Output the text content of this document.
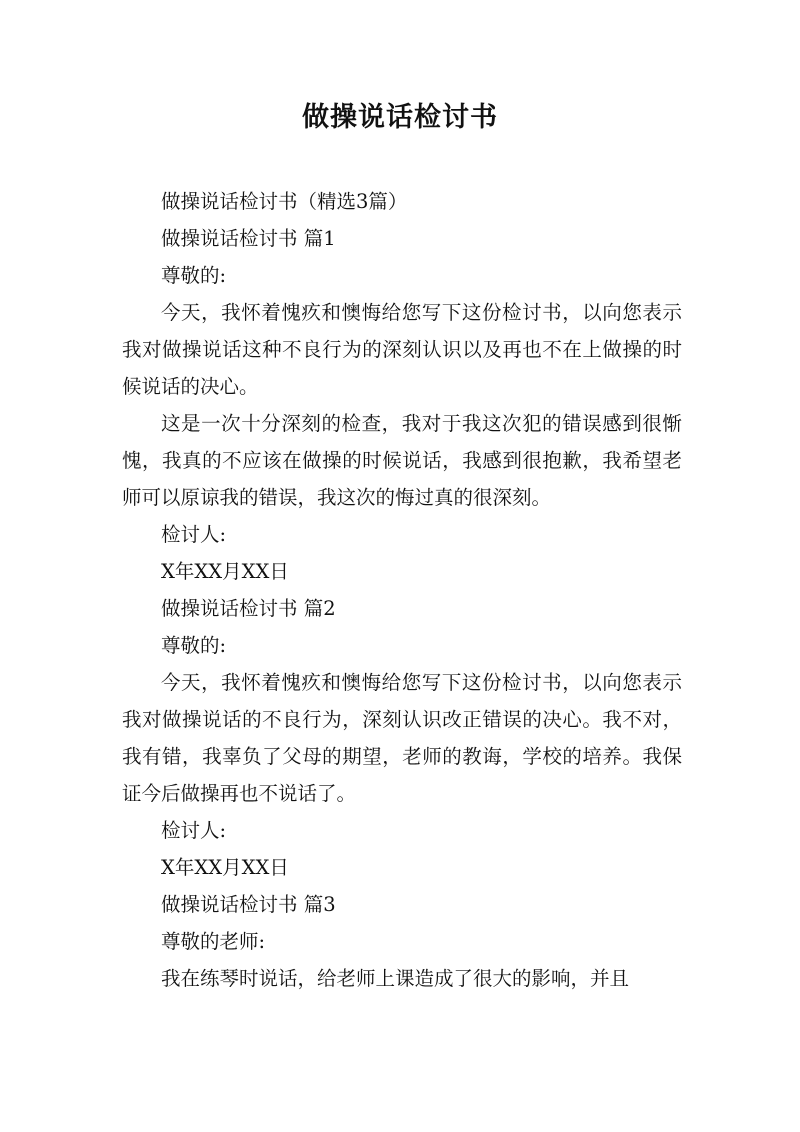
做操说话检讨书

做操说话检讨书（精选3篇）

做操说话检讨书 篇1

尊敬的:

今天，我怀着愧疚和懊悔给您写下这份检讨书，以向您表示我对做操说话这种不良行为的深刻认识以及再也不在上做操的时候说话的决心。

这是一次十分深刻的检查，我对于我这次犯的错误感到很惭愧，我真的不应该在做操的时候说话，我感到很抱歉，我希望老师可以原谅我的错误，我这次的悔过真的很深刻。

检讨人:

X年XX月XX日

做操说话检讨书 篇2

尊敬的:

今天，我怀着愧疚和懊悔给您写下这份检讨书，以向您表示我对做操说话的不良行为，深刻认识改正错误的决心。我不对，我有错，我辜负了父母的期望，老师的教诲，学校的培养。我保证今后做操再也不说话了。

检讨人:

X年XX月XX日

做操说话检讨书 篇3

尊敬的老师:

我在练琴时说话，给老师上课造成了很大的影响，并且
